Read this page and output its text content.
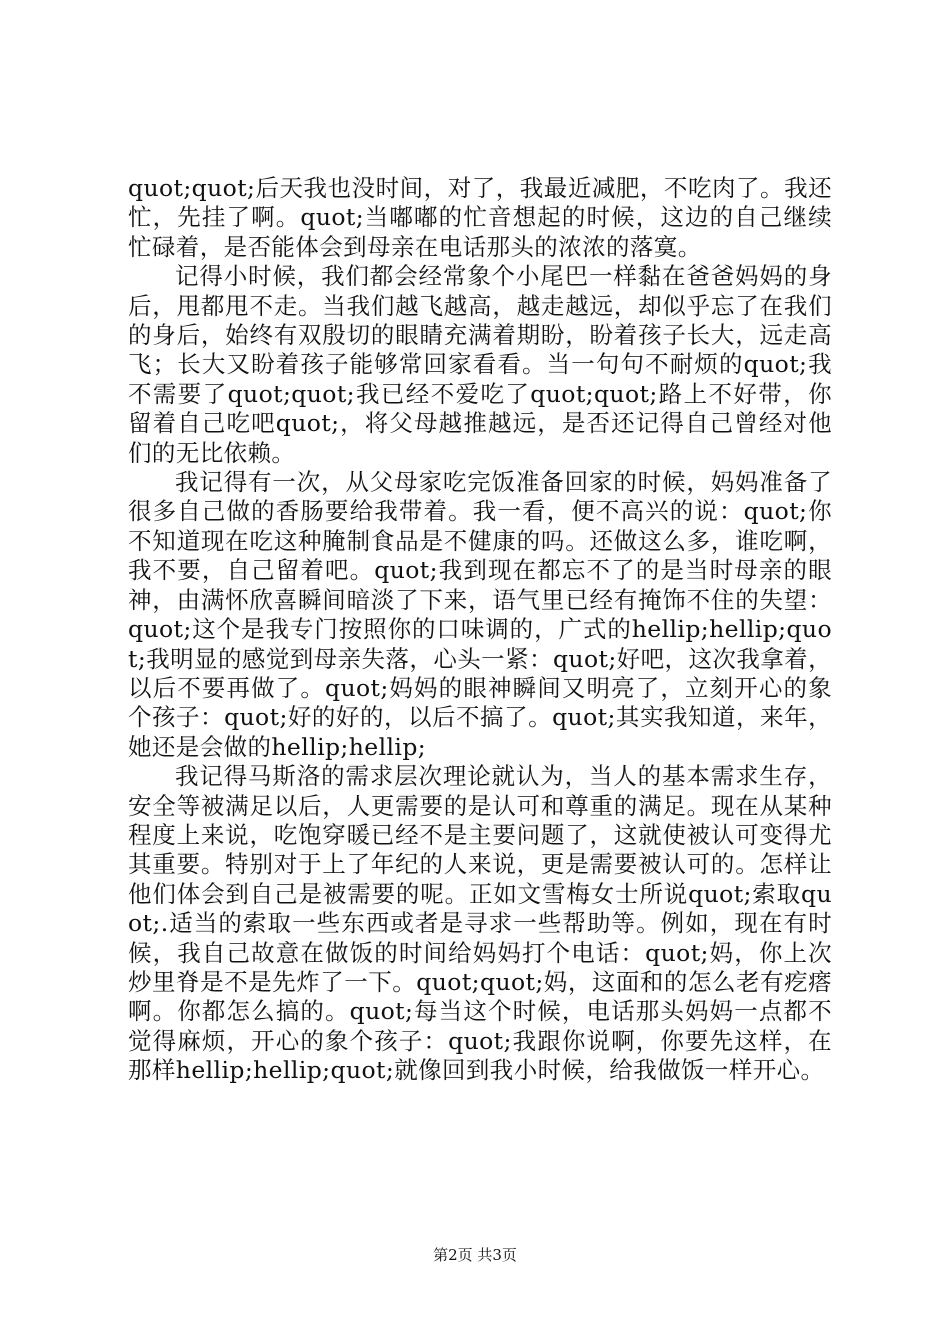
quot;quot;后天我也没时间，对了，我最近减肥，不吃肉了。我还忙，先挂了啊。quot;当嘟嘟的忙音想起的时候，这边的自己继续忙碌着，是否能体会到母亲在电话那头的浓浓的落寞。

记得小时候，我们都会经常象个小尾巴一样黏在爸爸妈妈的身后，甩都甩不走。当我们越飞越高，越走越远，却似乎忘了在我们的身后，始终有双殷切的眼睛充满着期盼，盼着孩子长大，远走高飞；长大又盼着孩子能够常回家看看。当一句句不耐烦的quot;我不需要了quot;quot;我已经不爱吃了quot;quot;路上不好带，你留着自己吃吧quot;，将父母越推越远，是否还记得自己曾经对他们的无比依赖。

我记得有一次，从父母家吃完饭准备回家的时候，妈妈准备了很多自己做的香肠要给我带着。我一看，便不高兴的说：quot;你不知道现在吃这种腌制食品是不健康的吗。还做这么多，谁吃啊，我不要，自己留着吧。quot;我到现在都忘不了的是当时母亲的眼神，由满怀欣喜瞬间暗淡了下来，语气里已经有掩饰不住的失望：quot;这个是我专门按照你的口味调的，广式的hellip;hellip;quot;我明显的感觉到母亲失落，心头一紧：quot;好吧，这次我拿着，以后不要再做了。quot;妈妈的眼神瞬间又明亮了，立刻开心的象个孩子：quot;好的好的，以后不搞了。quot;其实我知道，来年，她还是会做的hellip;hellip;

我记得马斯洛的需求层次理论就认为，当人的基本需求生存，安全等被满足以后，人更需要的是认可和尊重的满足。现在从某种程度上来说，吃饱穿暖已经不是主要问题了，这就使被认可变得尤其重要。特别对于上了年纪的人来说，更是需要被认可的。怎样让他们体会到自己是被需要的呢。正如文雪梅女士所说quot;索取quot;.适当的索取一些东西或者是寻求一些帮助等。例如，现在有时候，我自己故意在做饭的时间给妈妈打个电话：quot;妈，你上次炒里脊是不是先炸了一下。quot;quot;妈，这面和的怎么老有疙瘩啊。你都怎么搞的。quot;每当这个时候，电话那头妈妈一点都不觉得麻烦，开心的象个孩子：quot;我跟你说啊，你要先这样，在那样hellip;hellip;quot;就像回到我小时候，给我做饭一样开心。

第2页 共3页
